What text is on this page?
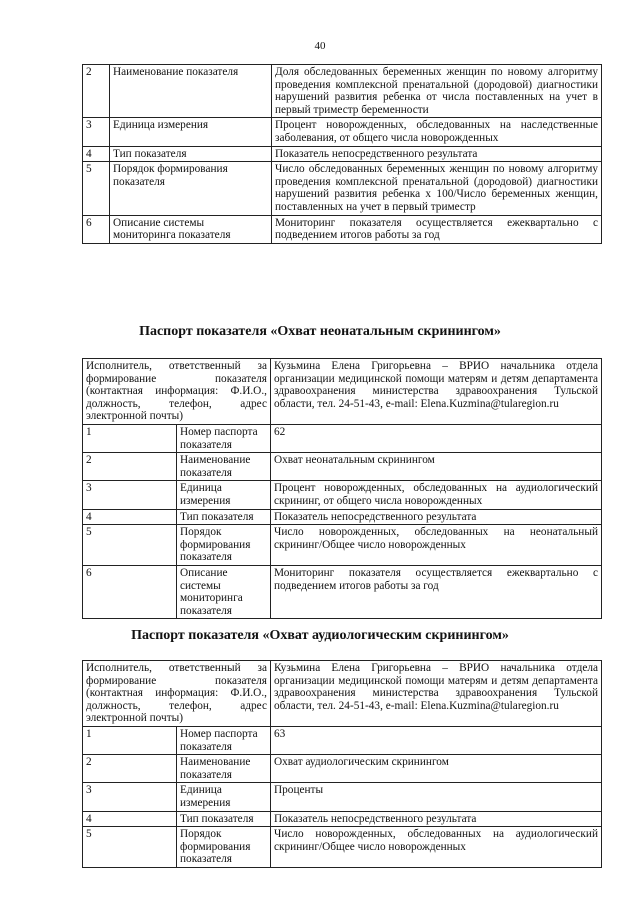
40
2	Наименование показателя	Доля обследованных беременных женщин по новому алгоритму проведения комплексной пренатальной (дородовой) диагностики нарушений развития ребенка от числа поставленных на учет в первый триместр беременности
3	Единица измерения	Процент новорожденных, обследованных на наследственные заболевания, от общего числа новорожденных
4	Тип показателя	Показатель непосредственного результата
5	Порядок формирования показателя	Число обследованных беременных женщин по новому алгоритму проведения комплексной пренатальной (дородовой) диагностики нарушений развития ребенка х 100/Число беременных женщин, поставленных на учет в первый триместр
6	Описание системы мониторинга показателя	Мониторинг показателя осуществляется ежеквартально с подведением итогов работы за год
Паспорт показателя «Охват неонатальным скринингом»
Исполнитель, ответственный за формирование показателя (контактная информация: Ф.И.О., должность, телефон, адрес электронной почты)		Кузьмина Елена Григорьевна – ВРИО начальника отдела организации медицинской помощи матерям и детям департамента здравоохранения министерства здравоохранения Тульской области, тел. 24-51-43, e-mail: Elena.Kuzmina@tularegion.ru
1	Номер паспорта показателя	62
2	Наименование показателя	Охват неонатальным скринингом
3	Единица измерения	Процент новорожденных, обследованных на аудиологический скрининг, от общего числа новорожденных
4	Тип показателя	Показатель непосредственного результата
5	Порядок формирования показателя	Число новорожденных, обследованных на неонатальный скрининг/Общее число новорожденных
6	Описание системы мониторинга показателя	Мониторинг показателя осуществляется ежеквартально с подведением итогов работы за год
Паспорт показателя «Охват аудиологическим скринингом»
Исполнитель, ответственный за формирование показателя (контактная информация: Ф.И.О., должность, телефон, адрес электронной почты)		Кузьмина Елена Григорьевна – ВРИО начальника отдела организации медицинской помощи матерям и детям департамента здравоохранения министерства здравоохранения Тульской области, тел. 24-51-43, e-mail: Elena.Kuzmina@tularegion.ru
1	Номер паспорта показателя	63
2	Наименование показателя	Охват аудиологическим скринингом
3	Единица измерения	Проценты
4	Тип показателя	Показатель непосредственного результата
5	Порядок формирования показателя	Число новорожденных, обследованных на аудиологический скрининг/Общее число новорожденных
